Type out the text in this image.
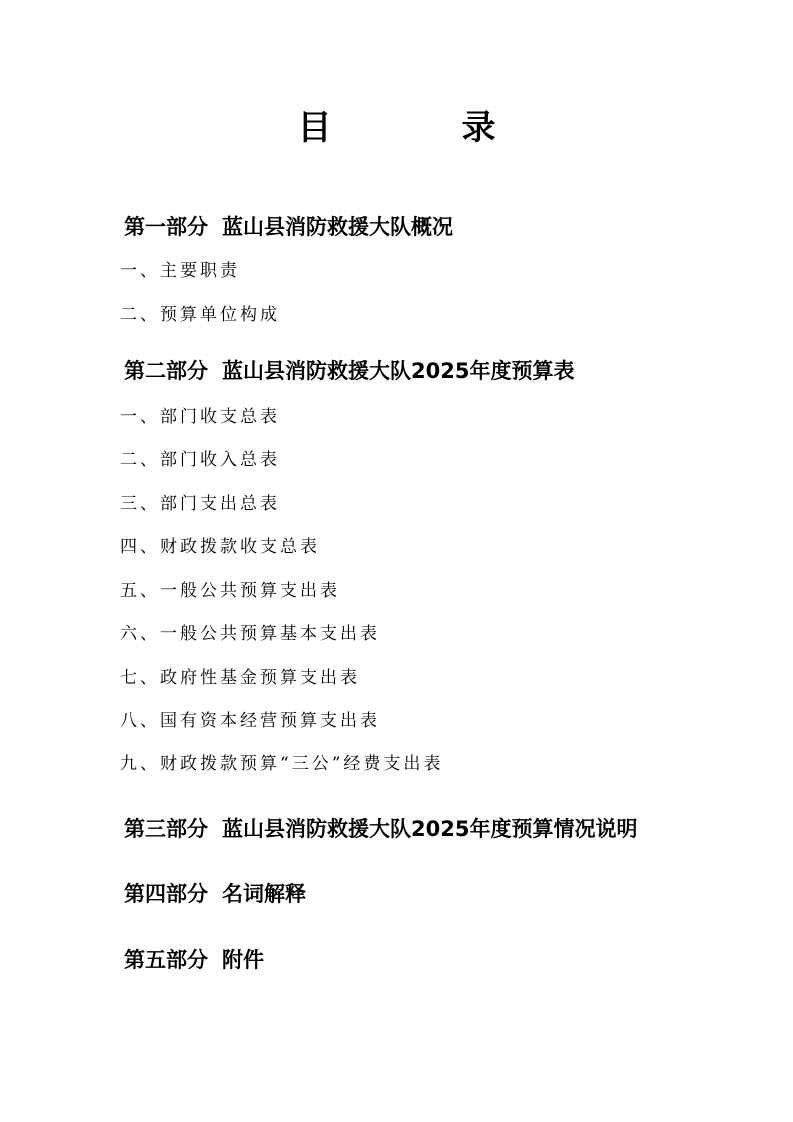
目　录
第一部分 蓝山县消防救援大队概况
一、主要职责
二、预算单位构成
第二部分 蓝山县消防救援大队2025年度预算表
一、部门收支总表
二、部门收入总表
三、部门支出总表
四、财政拨款收支总表
五、一般公共预算支出表
六、一般公共预算基本支出表
七、政府性基金预算支出表
八、国有资本经营预算支出表
九、财政拨款预算“三公”经费支出表
第三部分 蓝山县消防救援大队2025年度预算情况说明
第四部分 名词解释
第五部分 附件
